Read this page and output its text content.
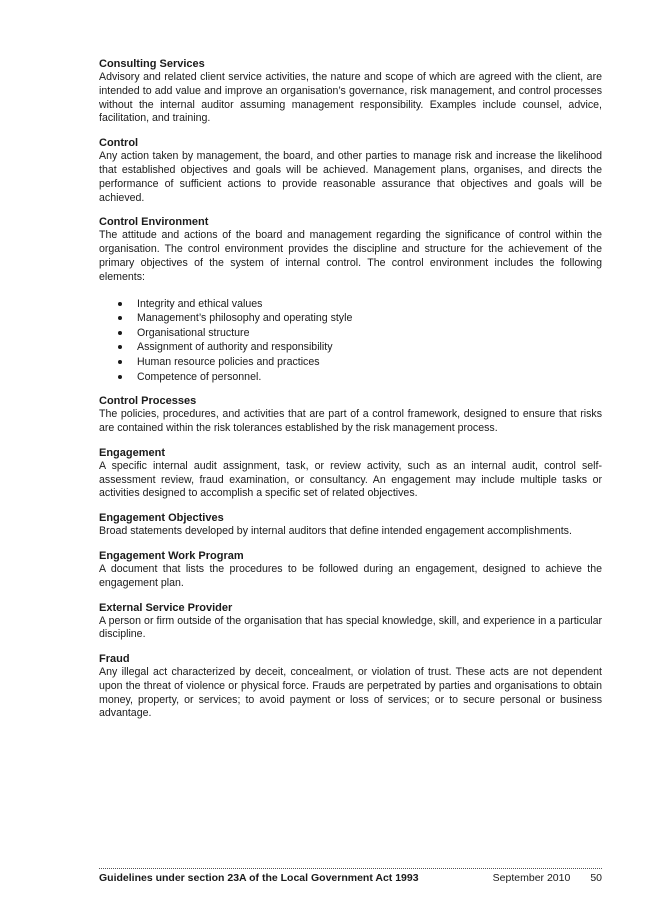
Consulting Services

Advisory and related client service activities, the nature and scope of which are agreed with the client, are intended to add value and improve an organisation’s governance, risk management, and control processes without the internal auditor assuming management responsibility. Examples include counsel, advice, facilitation, and training.

Control

Any action taken by management, the board, and other parties to manage risk and increase the likelihood that established objectives and goals will be achieved. Management plans, organises, and directs the performance of sufficient actions to provide reasonable assurance that objectives and goals will be achieved.

Control Environment

The attitude and actions of the board and management regarding the significance of control within the organisation. The control environment provides the discipline and structure for the achievement of the primary objectives of the system of internal control. The control environment includes the following elements:

Integrity and ethical values
Management’s philosophy and operating style
Organisational structure
Assignment of authority and responsibility
Human resource policies and practices
Competence of personnel.

Control Processes

The policies, procedures, and activities that are part of a control framework, designed to ensure that risks are contained within the risk tolerances established by the risk management process.

Engagement

A specific internal audit assignment, task, or review activity, such as an internal audit, control self-assessment review, fraud examination, or consultancy. An engagement may include multiple tasks or activities designed to accomplish a specific set of related objectives.

Engagement Objectives

Broad statements developed by internal auditors that define intended engagement accomplishments.

Engagement Work Program

A document that lists the procedures to be followed during an engagement, designed to achieve the engagement plan.

External Service Provider

A person or firm outside of the organisation that has special knowledge, skill, and experience in a particular discipline.

Fraud

Any illegal act characterized by deceit, concealment, or violation of trust. These acts are not dependent upon the threat of violence or physical force. Frauds are perpetrated by parties and organisations to obtain money, property, or services; to avoid payment or loss of services; or to secure personal or business advantage.

Guidelines under section 23A of the Local Government Act 1993	September 2010 50
